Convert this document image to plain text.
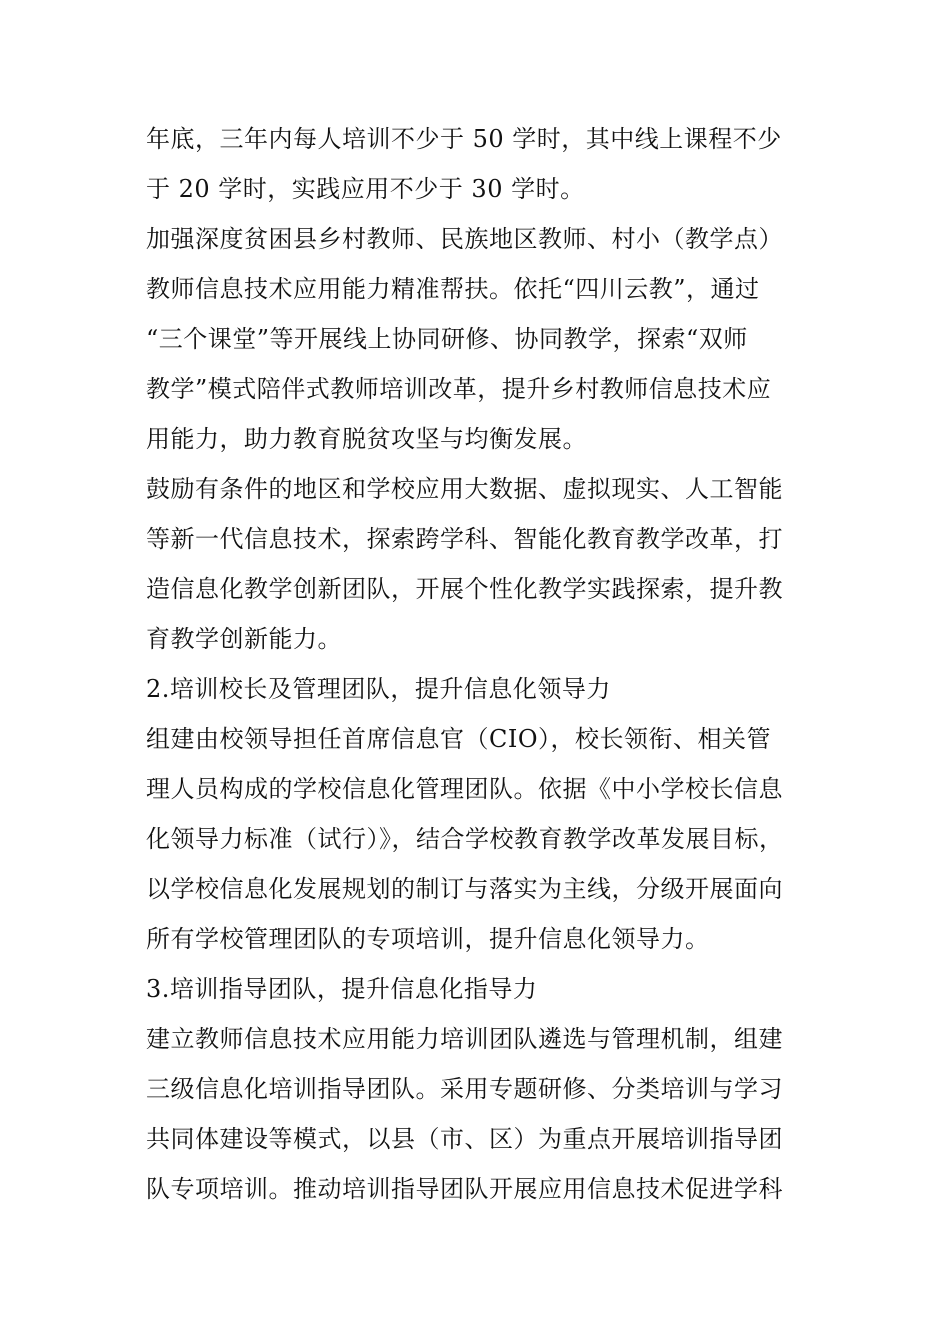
年底，三年内每人培训不少于 50 学时，其中线上课程不少
于 20 学时，实践应用不少于 30 学时。
加强深度贫困县乡村教师、民族地区教师、村小（教学点）
教师信息技术应用能力精准帮扶。依托“四川云教”，通过
“三个课堂”等开展线上协同研修、协同教学，探索“双师
教学”模式陪伴式教师培训改革，提升乡村教师信息技术应
用能力，助力教育脱贫攻坚与均衡发展。
鼓励有条件的地区和学校应用大数据、虚拟现实、人工智能
等新一代信息技术，探索跨学科、智能化教育教学改革，打
造信息化教学创新团队，开展个性化教学实践探索，提升教
育教学创新能力。
2.培训校长及管理团队，提升信息化领导力
组建由校领导担任首席信息官（CIO），校长领衔、相关管
理人员构成的学校信息化管理团队。依据《中小学校长信息
化领导力标准（试行）》，结合学校教育教学改革发展目标，
以学校信息化发展规划的制订与落实为主线，分级开展面向
所有学校管理团队的专项培训，提升信息化领导力。
3.培训指导团队，提升信息化指导力
建立教师信息技术应用能力培训团队遴选与管理机制，组建
三级信息化培训指导团队。采用专题研修、分类培训与学习
共同体建设等模式，以县（市、区）为重点开展培训指导团
队专项培训。推动培训指导团队开展应用信息技术促进学科
